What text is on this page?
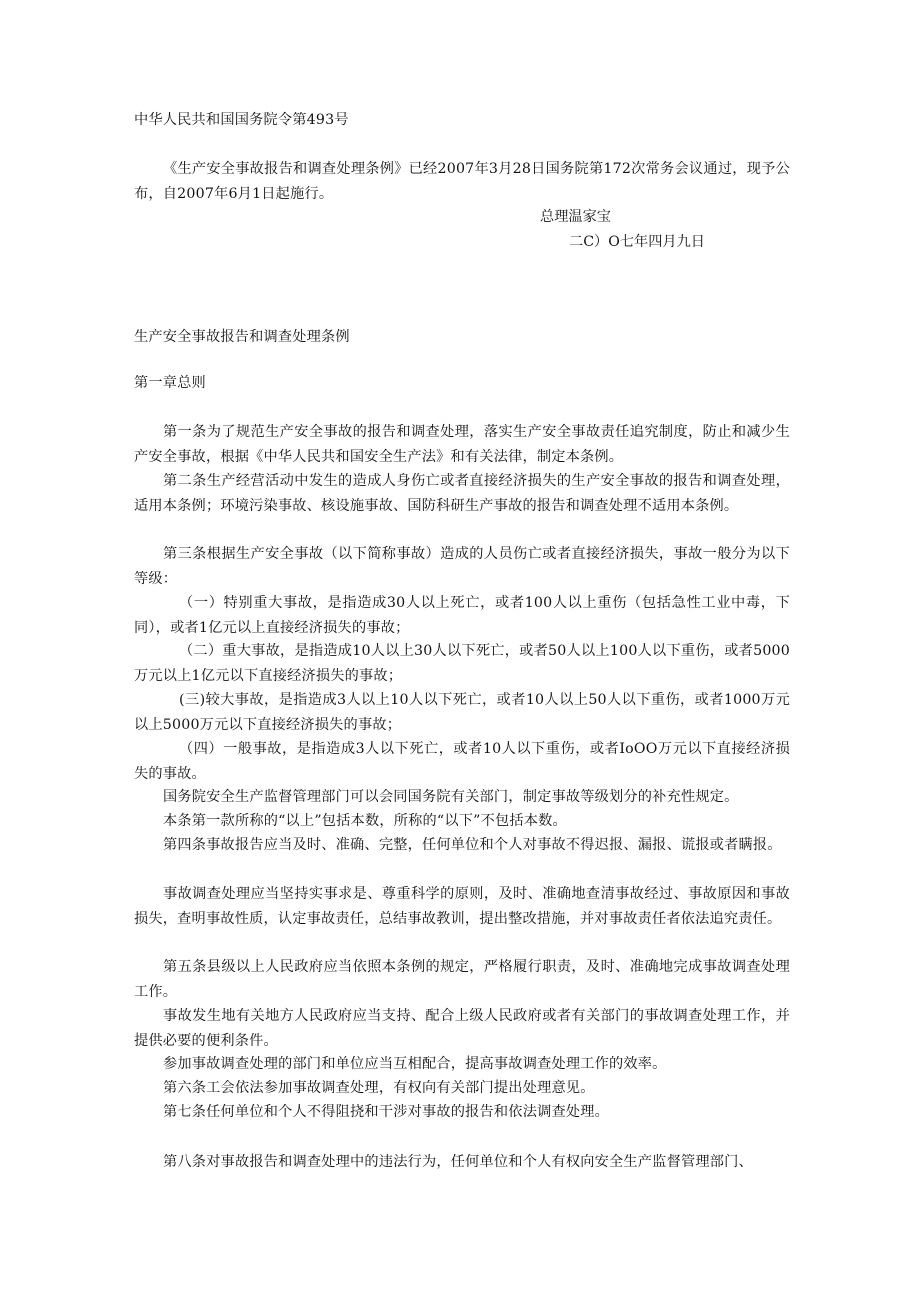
中华人民共和国国务院令第493号

《生产安全事故报告和调查处理条例》已经2007年3月28日国务院第172次常务会议通过，现予公布，自2007年6月1日起施行。

总理温家宝
二C）O七年四月九日

生产安全事故报告和调查处理条例

第一章总则

第一条为了规范生产安全事故的报告和调查处理，落实生产安全事故责任追究制度，防止和减少生产安全事故，根据《中华人民共和国安全生产法》和有关法律，制定本条例。

第二条生产经营活动中发生的造成人身伤亡或者直接经济损失的生产安全事故的报告和调查处理，适用本条例；环境污染事故、核设施事故、国防科研生产事故的报告和调查处理不适用本条例。

第三条根据生产安全事故（以下简称事故）造成的人员伤亡或者直接经济损失，事故一般分为以下等级：

（一）特别重大事故，是指造成30人以上死亡，或者100人以上重伤（包括急性工业中毒，下同），或者1亿元以上直接经济损失的事故；

（二）重大事故，是指造成10人以上30人以下死亡，或者50人以上100人以下重伤，或者5000万元以上1亿元以下直接经济损失的事故；

(三)较大事故，是指造成3人以上10人以下死亡，或者10人以上50人以下重伤，或者1000万元以上5000万元以下直接经济损失的事故；

（四）一般事故，是指造成3人以下死亡，或者10人以下重伤，或者IoOO万元以下直接经济损失的事故。

国务院安全生产监督管理部门可以会同国务院有关部门，制定事故等级划分的补充性规定。

本条第一款所称的“以上”包括本数，所称的“以下”不包括本数。

第四条事故报告应当及时、准确、完整，任何单位和个人对事故不得迟报、漏报、谎报或者瞒报。

事故调查处理应当坚持实事求是、尊重科学的原则，及时、准确地查清事故经过、事故原因和事故损失，查明事故性质，认定事故责任，总结事故教训，提出整改措施，并对事故责任者依法追究责任。

第五条县级以上人民政府应当依照本条例的规定，严格履行职责，及时、准确地完成事故调查处理工作。

事故发生地有关地方人民政府应当支持、配合上级人民政府或者有关部门的事故调查处理工作，并提供必要的便利条件。

参加事故调查处理的部门和单位应当互相配合，提高事故调查处理工作的效率。

第六条工会依法参加事故调查处理，有权向有关部门提出处理意见。

第七条任何单位和个人不得阻挠和干涉对事故的报告和依法调查处理。

第八条对事故报告和调查处理中的违法行为，任何单位和个人有权向安全生产监督管理部门、
